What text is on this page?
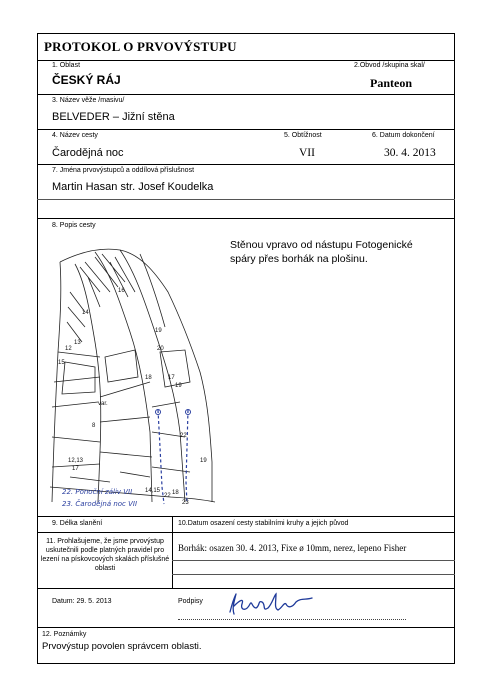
PROTOKOL O PRVOVÝSTUPU
1. Oblast	2.Obvod /skupina skal/
ČESKÝ RÁJ	Panteon
3. Název věže /masivu/
BELVEDER – Jižní stěna
4. Název cesty	5. Obtížnost	6. Datum dokončení
Čarodějná noc	VII	30. 4. 2013
7. Jména prvovýstupců a oddílová příslušnost
Martin Hasan str. Josef Koudelka
8. Popis cesty
Stěnou vpravo od nástupu Fotogenické spáry přes borhák na plošinu.
16
14
13
12
15
19
20
18	17
19
22
8
19
12,13
17
14,15
22 18
23
var.
22. Ponoční záliv VII
23. Čarodějná noc VII
9. Délka slanění	10.Datum osazení cesty stabilními kruhy a jejich původ
11. Prohlašujeme, že jsme prvovýstup uskutečnili podle platných pravidel pro lezení na pískovcových skalách příslušné oblasti
Borhák: osazen 30. 4. 2013, Fixe ø 10mm, nerez, lepeno Fisher
Datum: 29. 5. 2013	Podpisy
12. Poznámky
Prvovýstup povolen správcem oblasti.
